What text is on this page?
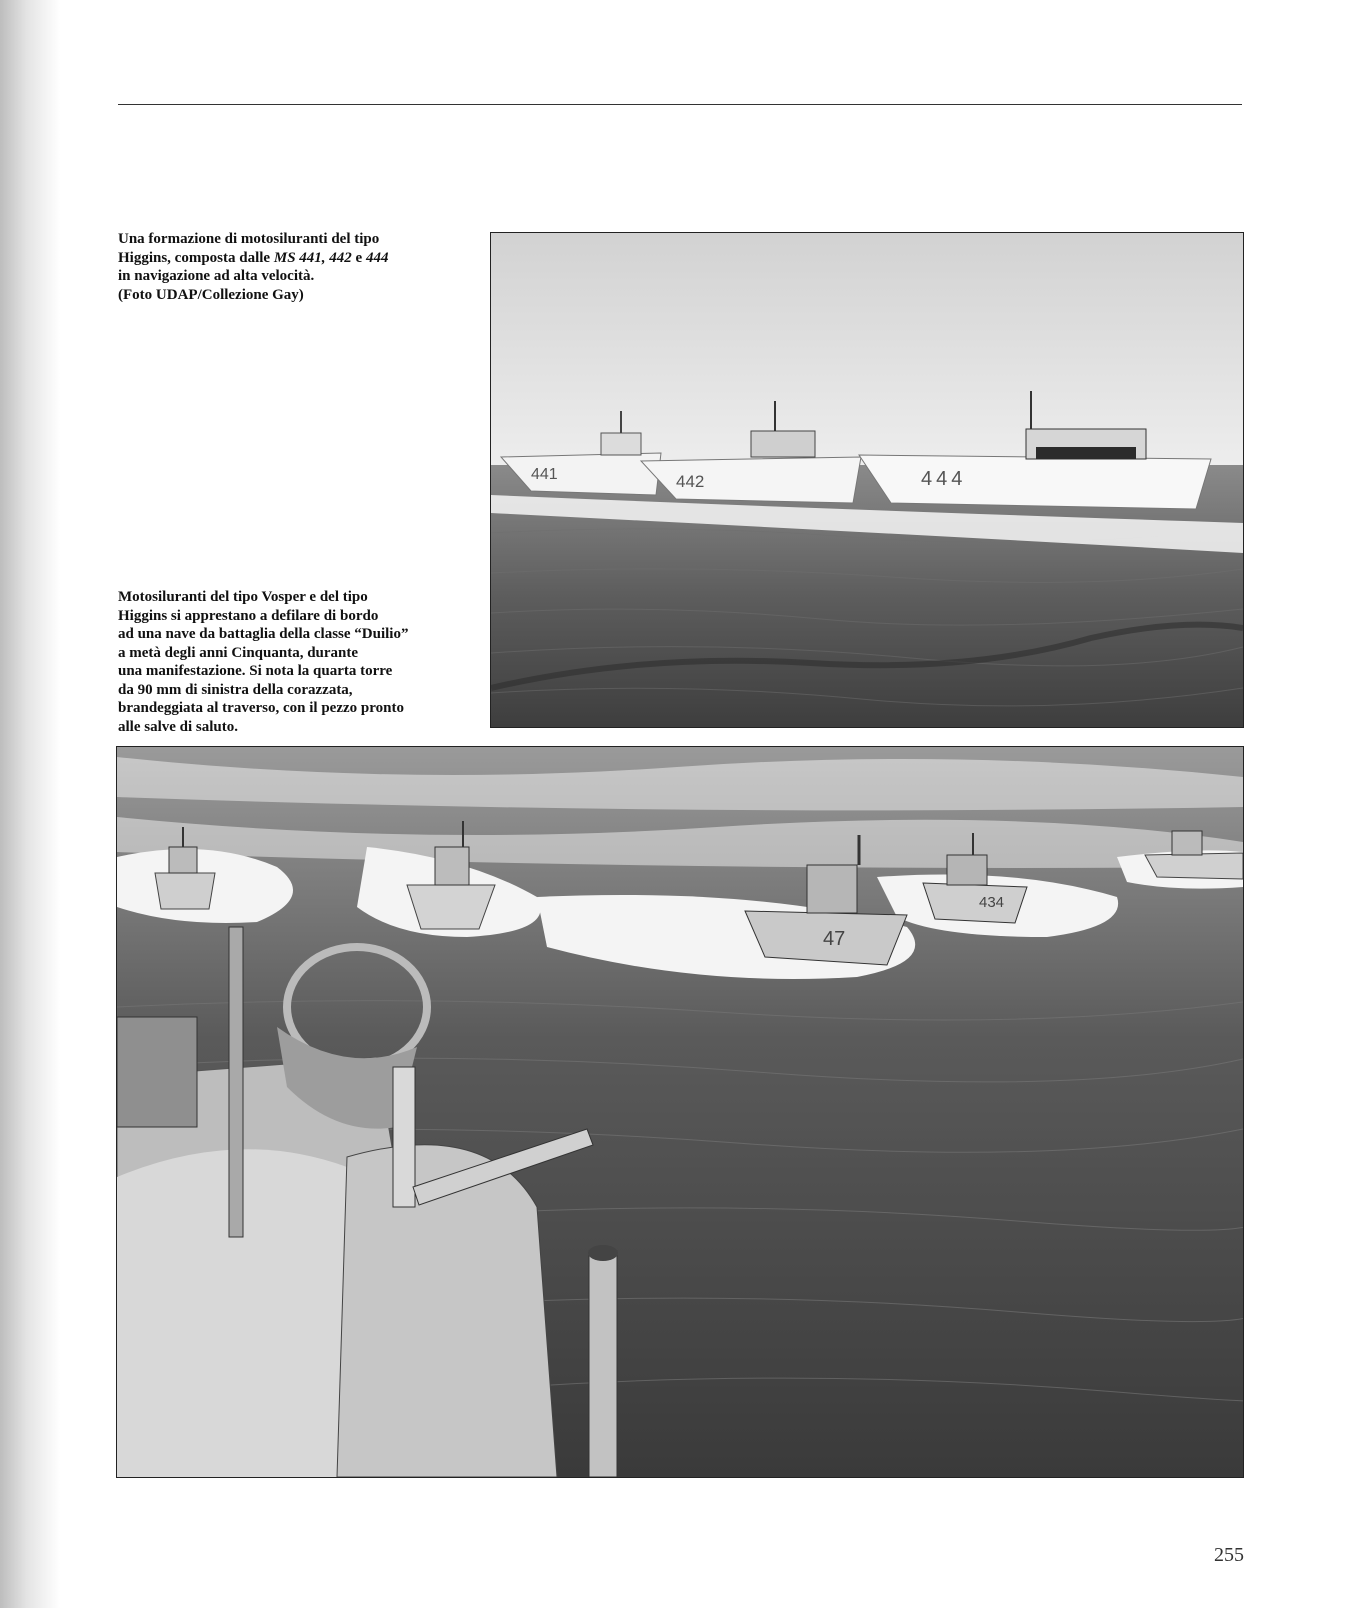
Una formazione di motosiluranti del tipo
Higgins, composta dalle MS 441, 442 e 444
in navigazione ad alta velocità.
(Foto UDAP/Collezione Gay)

Motosiluranti del tipo Vosper e del tipo
Higgins si apprestano a defilare di bordo
ad una nave da battaglia della classe “Duilio”
a metà degli anni Cinquanta, durante
una manifestazione. Si nota la quarta torre
da 90 mm di sinistra della corazzata,
brandeggiata al traverso, con il pezzo pronto
alle salve di saluto.

441	442	444
47
434
255
